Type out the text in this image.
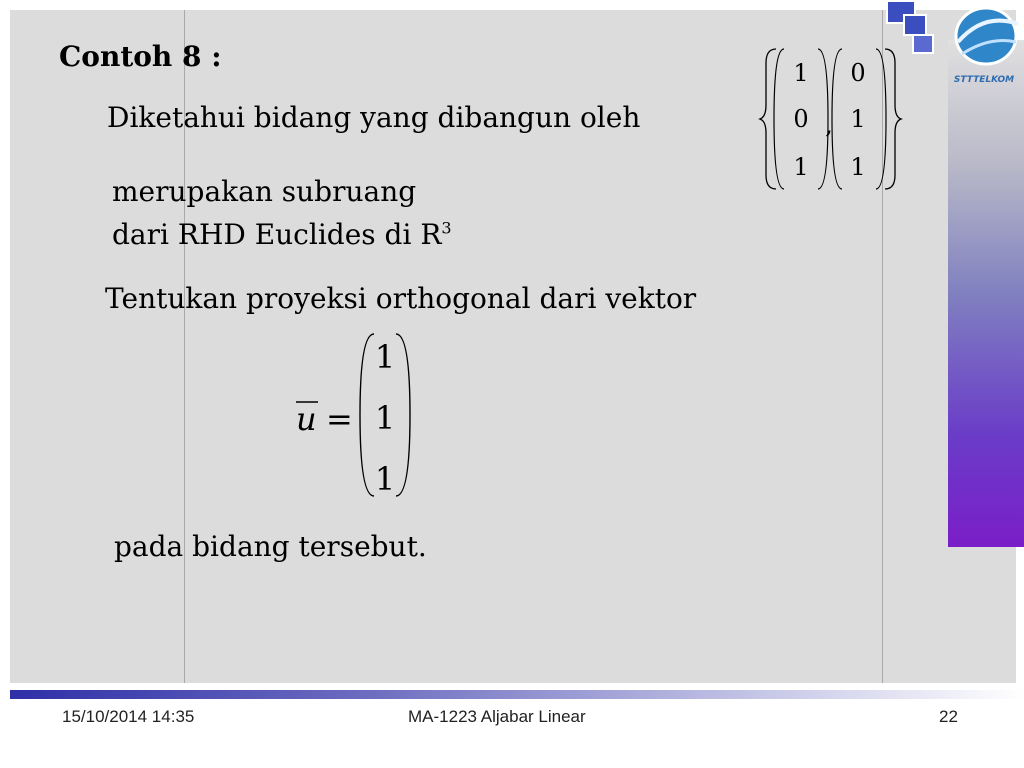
STTTELKOM
Contoh 8 :
Diketahui bidang yang dibangun oleh
1
0
1
,
0
1
1
merupakan subruang
dari RHD Euclides di $R^3$
Tentukan proyeksi orthogonal dari vektor
u =
1
1
1
pada bidang tersebut.
15/10/2014 14:35	MA-1223 Aljabar Linear	22
